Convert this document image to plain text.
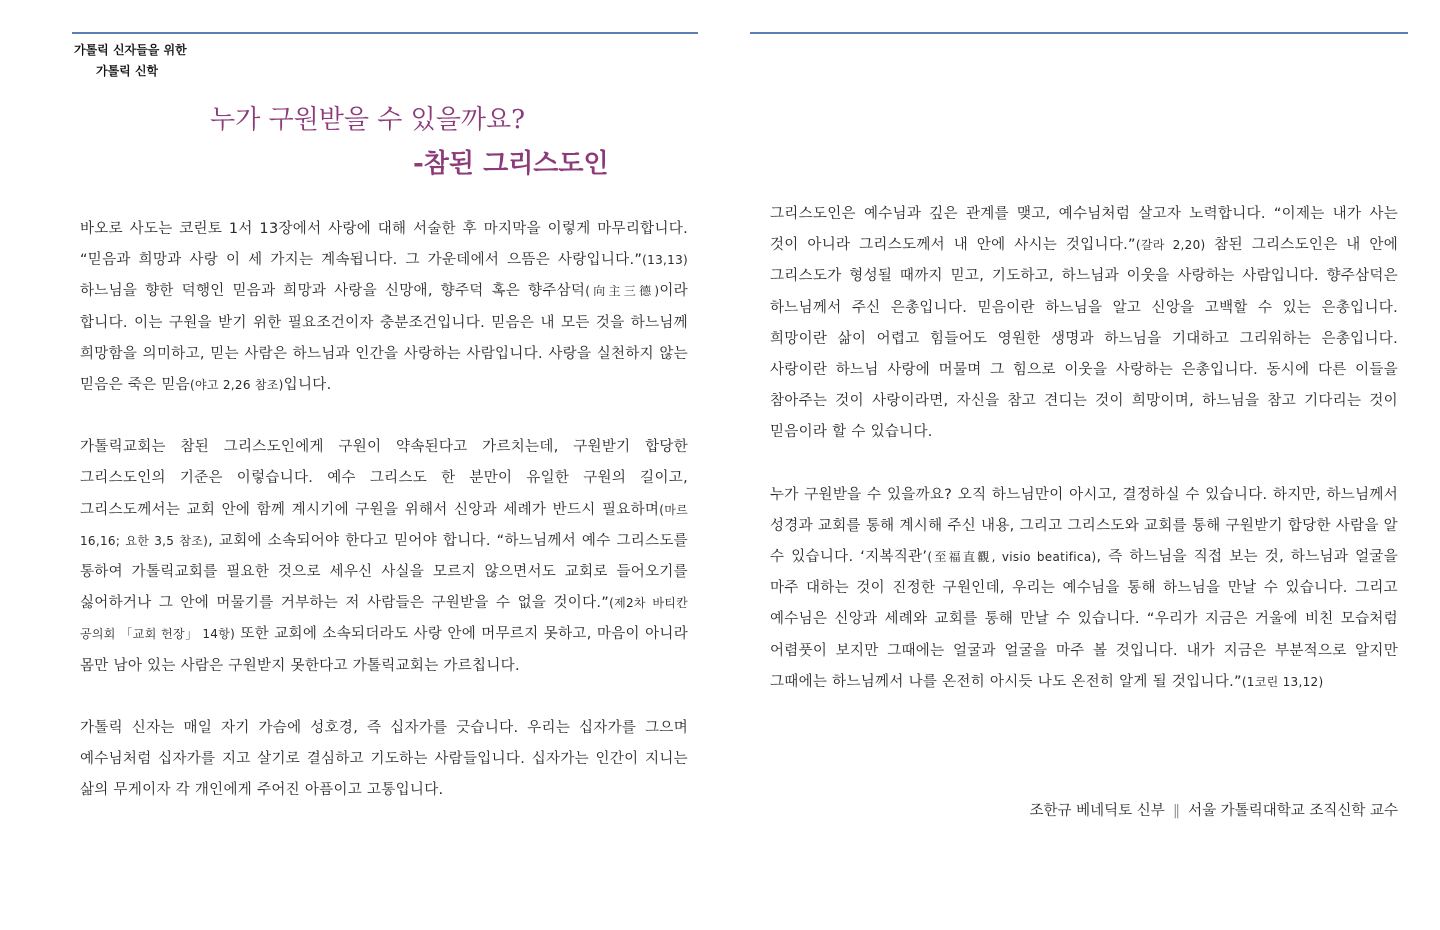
가톨릭 신자들을 위한
가톨릭 신학
누가 구원받을 수 있을까요?
-참된 그리스도인

바오로 사도는 코린토 1서 13장에서 사랑에 대해 서술한 후 마지막을 이렇게 마무리합니다. “믿음과 희망과 사랑 이 세 가지는 계속됩니다. 그 가운데에서 으뜸은 사랑입니다.”(13,13) 하느님을 향한 덕행인 믿음과 희망과 사랑을 신망애, 향주덕 혹은 향주삼덕(向主三德)이라 합니다. 이는 구원을 받기 위한 필요조건이자 충분조건입니다. 믿음은 내 모든 것을 하느님께 희망함을 의미하고, 믿는 사람은 하느님과 인간을 사랑하는 사람입니다. 사랑을 실천하지 않는 믿음은 죽은 믿음(야고 2,26 참조)입니다.

가톨릭교회는 참된 그리스도인에게 구원이 약속된다고 가르치는데, 구원받기 합당한 그리스도인의 기준은 이렇습니다. 예수 그리스도 한 분만이 유일한 구원의 길이고, 그리스도께서는 교회 안에 함께 계시기에 구원을 위해서 신앙과 세례가 반드시 필요하며(마르 16,16; 요한 3,5 참조), 교회에 소속되어야 한다고 믿어야 합니다. “하느님께서 예수 그리스도를 통하여 가톨릭교회를 필요한 것으로 세우신 사실을 모르지 않으면서도 교회로 들어오기를 싫어하거나 그 안에 머물기를 거부하는 저 사람들은 구원받을 수 없을 것이다.”(제2차 바티칸 공의회 「교회 헌장」 14항) 또한 교회에 소속되더라도 사랑 안에 머무르지 못하고, 마음이 아니라 몸만 남아 있는 사람은 구원받지 못한다고 가톨릭교회는 가르칩니다.

가톨릭 신자는 매일 자기 가슴에 성호경, 즉 십자가를 긋습니다. 우리는 십자가를 그으며 예수님처럼 십자가를 지고 살기로 결심하고 기도하는 사람들입니다. 십자가는 인간이 지니는 삶의 무게이자 각 개인에게 주어진 아픔이고 고통입니다.

그리스도인은 예수님과 깊은 관계를 맺고, 예수님처럼 살고자 노력합니다. “이제는 내가 사는 것이 아니라 그리스도께서 내 안에 사시는 것입니다.”(갈라 2,20) 참된 그리스도인은 내 안에 그리스도가 형성될 때까지 믿고, 기도하고, 하느님과 이웃을 사랑하는 사람입니다. 향주삼덕은 하느님께서 주신 은총입니다. 믿음이란 하느님을 알고 신앙을 고백할 수 있는 은총입니다. 희망이란 삶이 어렵고 힘들어도 영원한 생명과 하느님을 기대하고 그리워하는 은총입니다. 사랑이란 하느님 사랑에 머물며 그 힘으로 이웃을 사랑하는 은총입니다. 동시에 다른 이들을 참아주는 것이 사랑이라면, 자신을 참고 견디는 것이 희망이며, 하느님을 참고 기다리는 것이 믿음이라 할 수 있습니다.

누가 구원받을 수 있을까요? 오직 하느님만이 아시고, 결정하실 수 있습니다. 하지만, 하느님께서 성경과 교회를 통해 계시해 주신 내용, 그리고 그리스도와 교회를 통해 구원받기 합당한 사람을 알 수 있습니다. ‘지복직관’(至福直觀, visio beatifica), 즉 하느님을 직접 보는 것, 하느님과 얼굴을 마주 대하는 것이 진정한 구원인데, 우리는 예수님을 통해 하느님을 만날 수 있습니다. 그리고 예수님은 신앙과 세례와 교회를 통해 만날 수 있습니다. “우리가 지금은 거울에 비친 모습처럼 어렴풋이 보지만 그때에는 얼굴과 얼굴을 마주 볼 것입니다. 내가 지금은 부분적으로 알지만 그때에는 하느님께서 나를 온전히 아시듯 나도 온전히 알게 될 것입니다.”(1코린 13,12)

조한규 베네딕토 신부 ‖ 서울 가톨릭대학교 조직신학 교수
